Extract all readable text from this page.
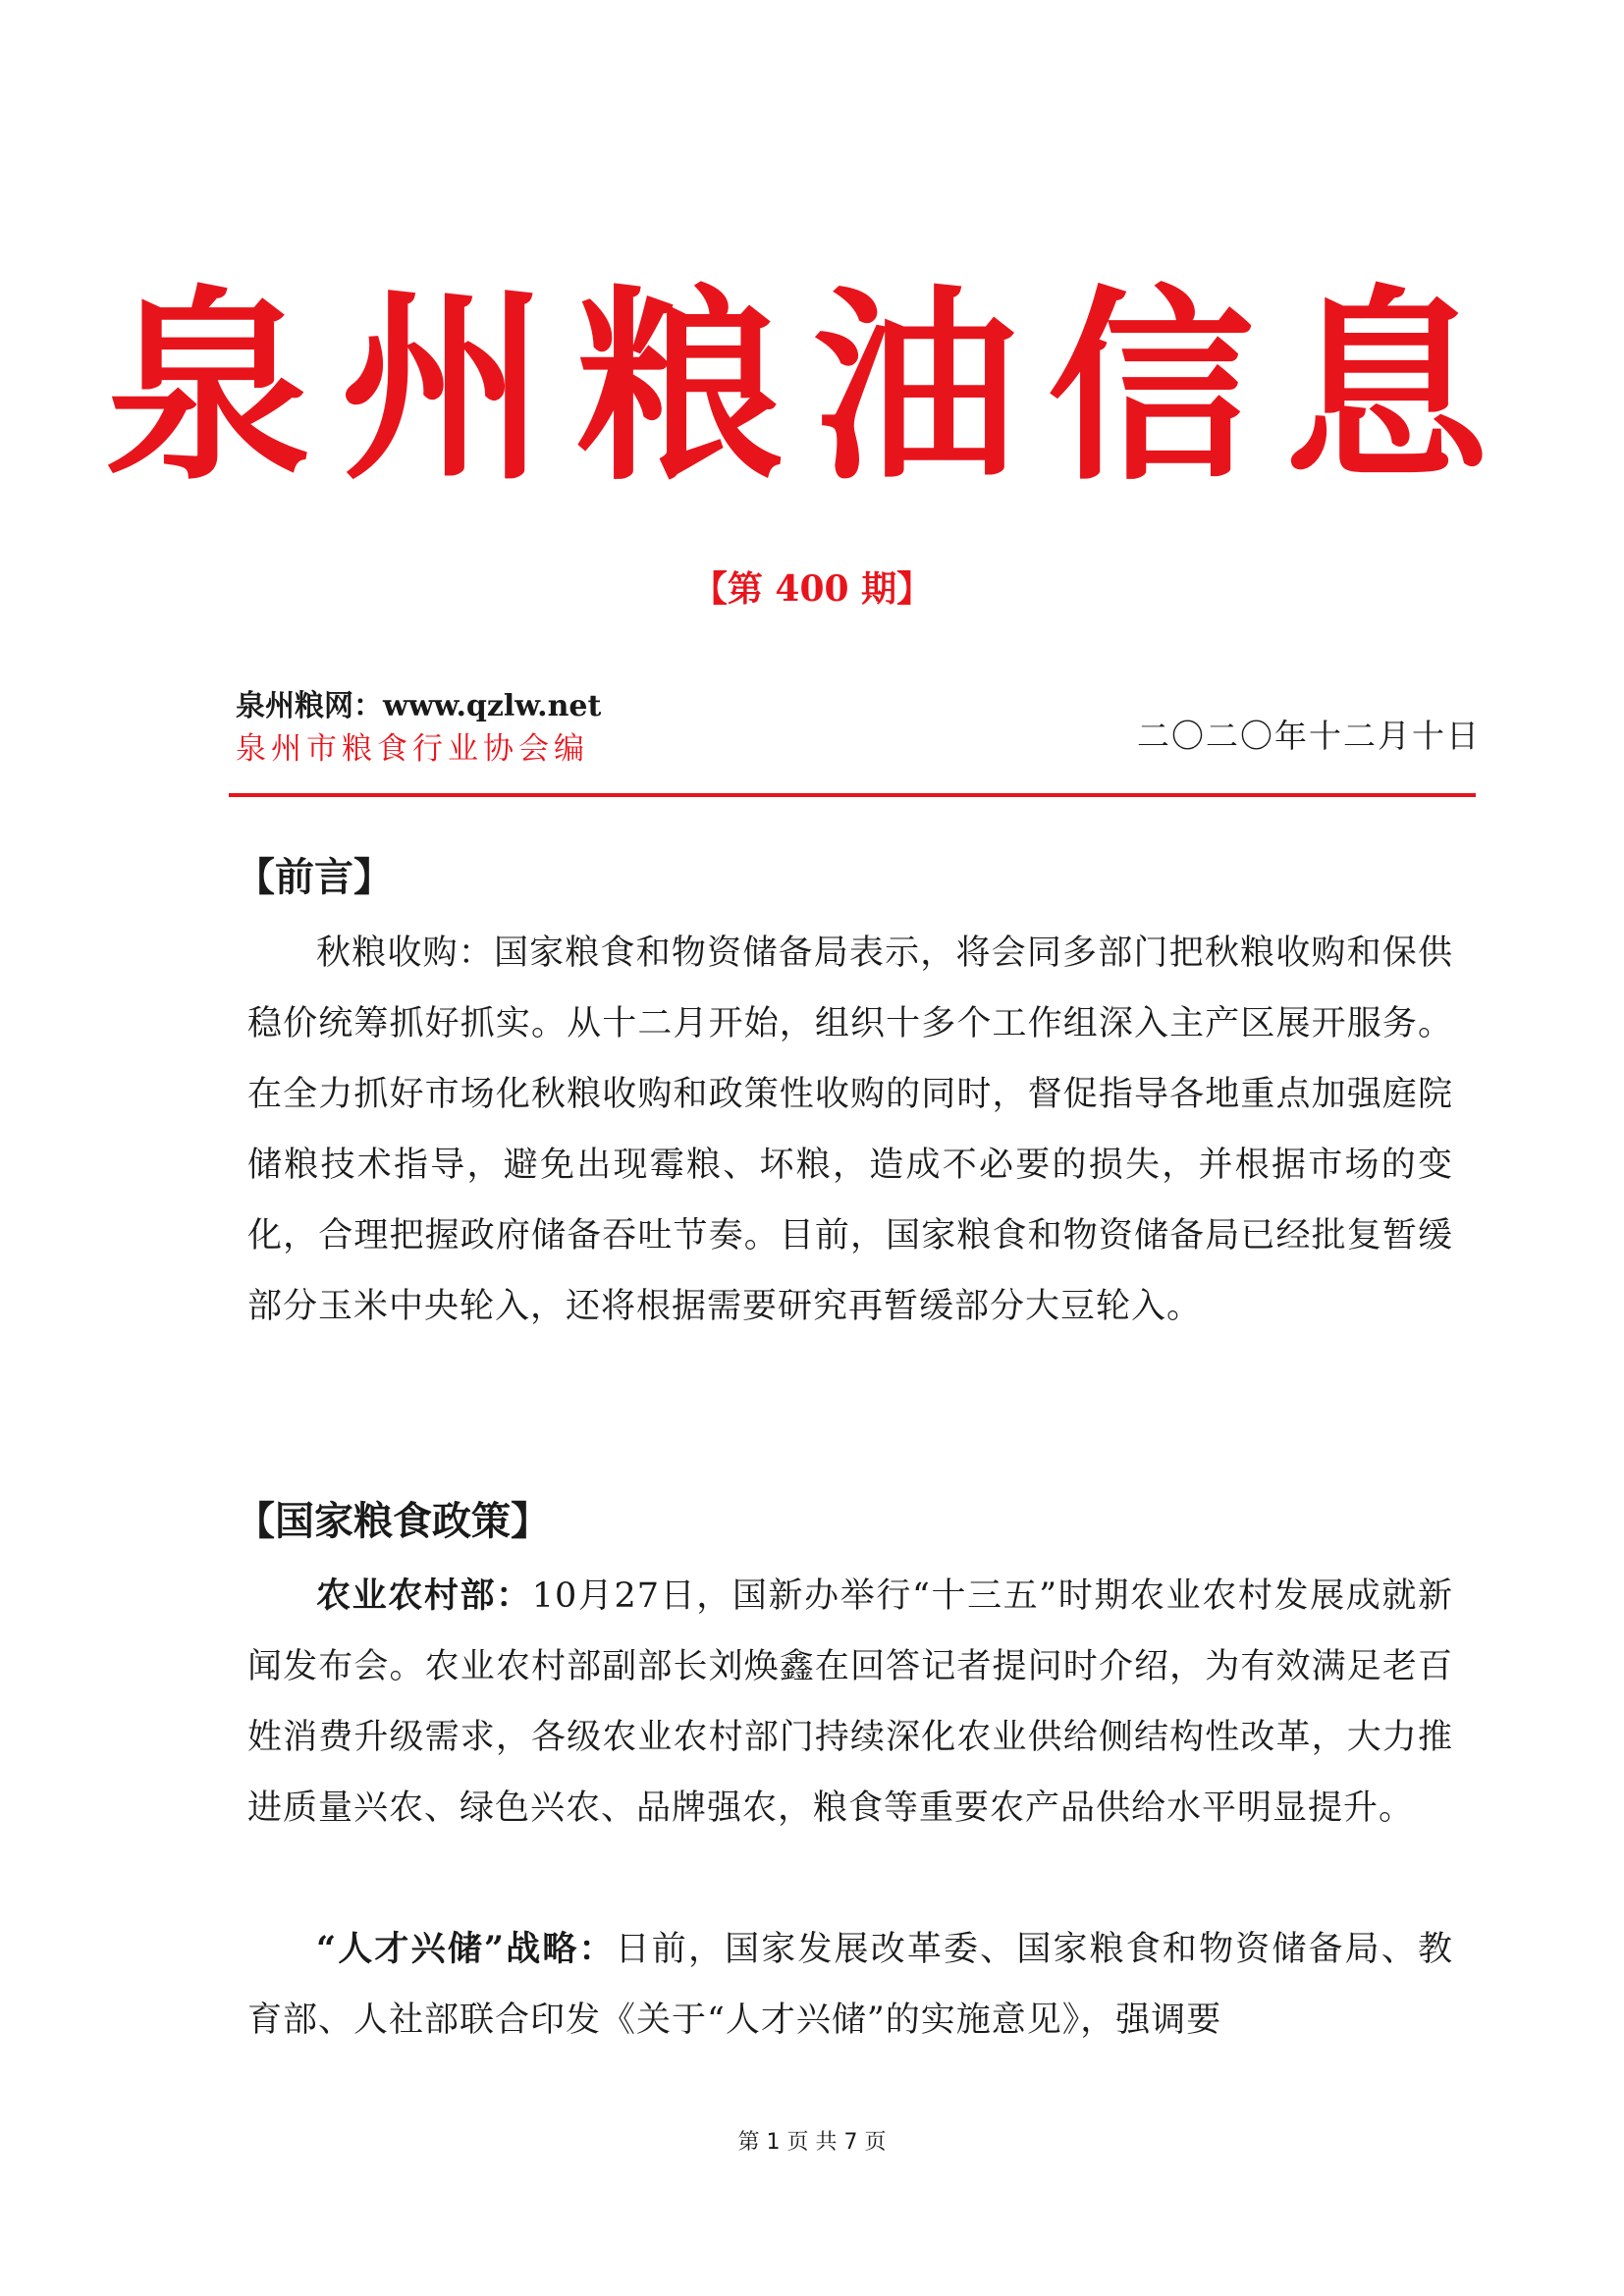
泉州粮油信息
【第 400 期】
泉州粮网：www.qzlw.net
泉州市粮食行业协会编	二〇二〇年十二月十日
【前言】

秋粮收购：国家粮食和物资储备局表示，将会同多部门把秋粮收购和保供稳价统筹抓好抓实。从十二月开始，组织十多个工作组深入主产区展开服务。在全力抓好市场化秋粮收购和政策性收购的同时，督促指导各地重点加强庭院储粮技术指导，避免出现霉粮、坏粮，造成不必要的损失，并根据市场的变化，合理把握政府储备吞吐节奏。目前，国家粮食和物资储备局已经批复暂缓部分玉米中央轮入，还将根据需要研究再暂缓部分大豆轮入。

【国家粮食政策】

农业农村部：10月27日，国新办举行“十三五”时期农业农村发展成就新闻发布会。农业农村部副部长刘焕鑫在回答记者提问时介绍，为有效满足老百姓消费升级需求，各级农业农村部门持续深化农业供给侧结构性改革，大力推进质量兴农、绿色兴农、品牌强农，粮食等重要农产品供给水平明显提升。

“人才兴储”战略：日前，国家发展改革委、国家粮食和物资储备局、教育部、人社部联合印发《关于“人才兴储”的实施意见》，强调要

第 1 页 共 7 页
